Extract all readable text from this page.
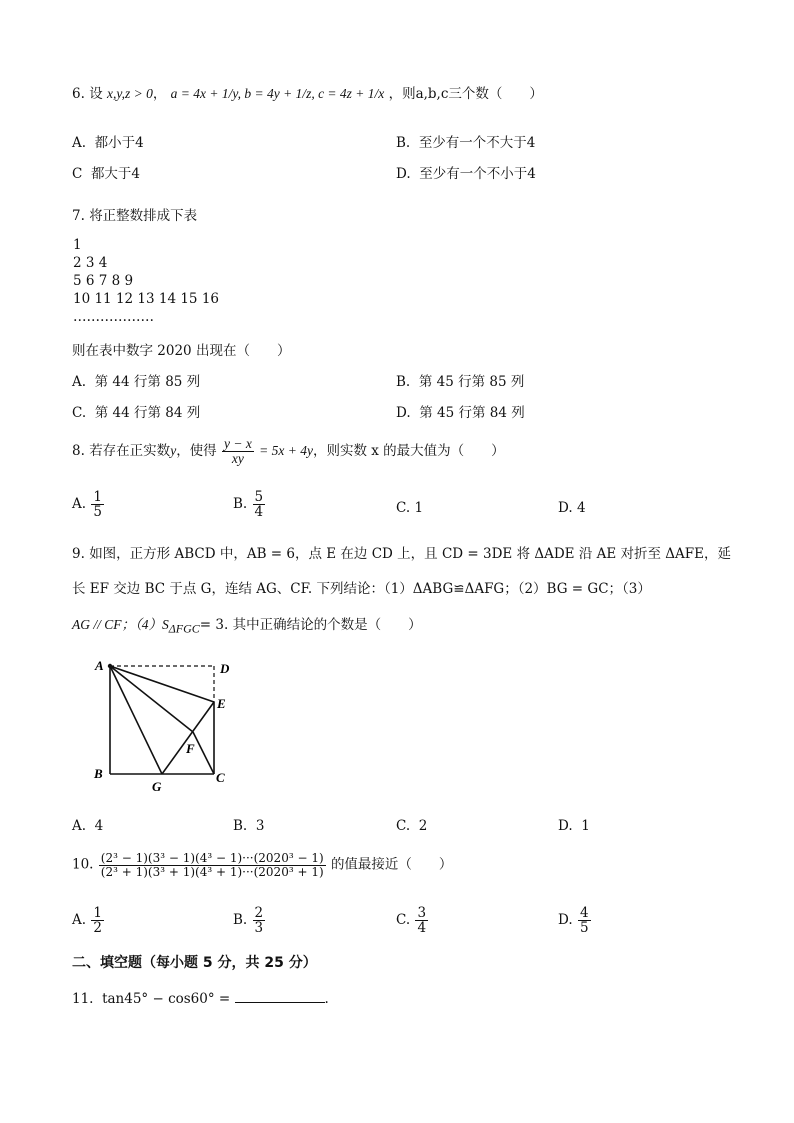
6. 设 x,y,z > 0， a = 4x + 1/y, b = 4y + 1/z, c = 4z + 1/x ，则a,b,c三个数（　　）
A. 都小于4	B. 至少有一个不大于4
C 都大于4	D. 至少有一个不小于4
7. 将正整数排成下表
1
2 3 4
5 6 7 8 9
10 11 12 13 14 15 16
………………
则在表中数字 2020 出现在（　　）
A. 第 44 行第 85 列	B. 第 45 行第 85 列
C. 第 44 行第 84 列	D. 第 45 行第 84 列
8. 若存在正实数y，使得 $\frac{y - x}{xy} = 5x + 4y$，则实数 x 的最大值为（　　）
A. $\frac{1}{5}$	B. $\frac{5}{4}$	C. 1	D. 4
9. 如图，正方形 ABCD 中，AB = 6，点 E 在边 CD 上，且 CD = 3DE 将 ΔADE 沿 AE 对折至 ΔAFE，延
长 EF 交边 BC 于点 G，连结 AG、CF. 下列结论：（1）ΔABG≌ΔAFG；（2）BG = GC；（3）
AG // CF；$(4)S_{\Delta FGC}= 3$. 其中正确结论的个数是（　　）
A	D
E
F
B	C
G
A. 4	B. 3	C. 2	D. 1
10. $\frac{\text{(2³ − 1)(3³ − 1)(4³ − 1)···(2020³ − 1)}}{\text{(2³ + 1)(3³ + 1)(4³ + 1)···(2020³ + 1)}}$ 的值最接近（　　）
A. $\frac{1}{2}$	B. $\frac{2}{3}$	C. $\frac{3}{4}$	D. $\frac{4}{5}$
二、填空题（每小题 5 分，共 25 分）
11. tan45° − cos60° =	.
